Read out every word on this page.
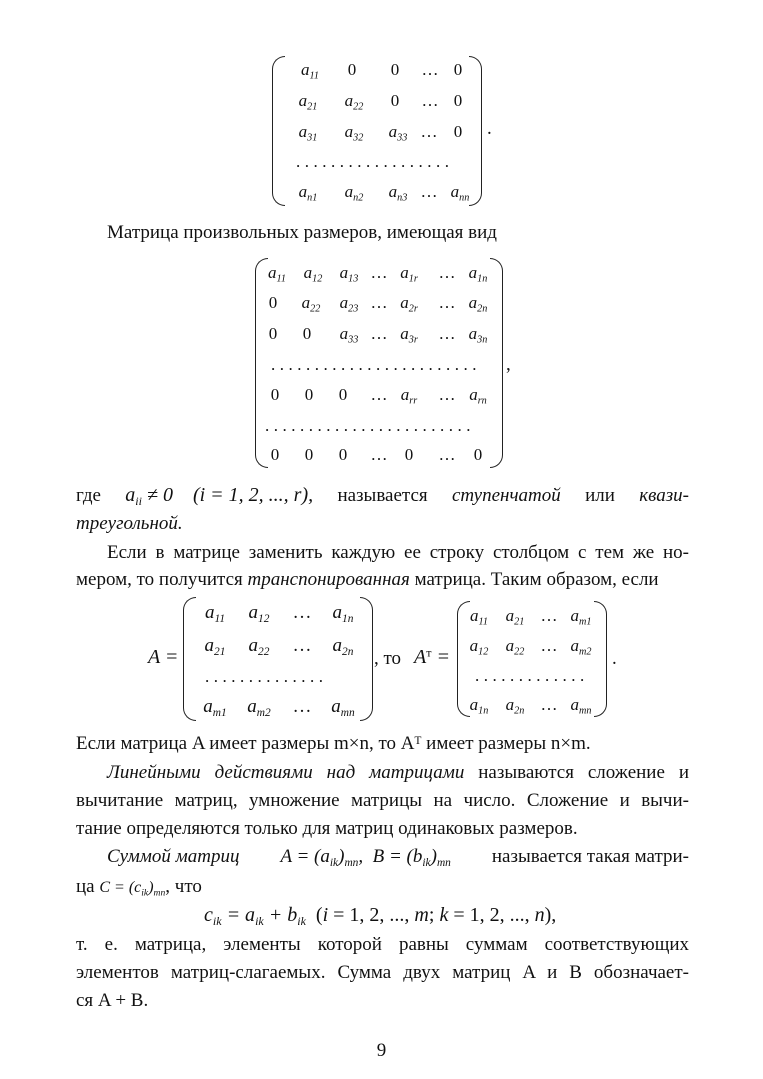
$a_{11}$ 0 0 … 0
$a_{21}$ $a_{22}$ 0 … 0
$a_{31}$ $a_{32}$ $a_{33}$ … 0
..................
$a_{n1}$ $a_{n2}$ $a_{n3}$ … $a_{nn}$
.
Матрица произвольных размеров, имеющая вид
$a_{11}$ $a_{12}$ $a_{13}$ … $a_{1r}$ … $a_{1n}$
0 $a_{22}$ $a_{23}$ … $a_{2r}$ … $a_{2n}$
0 0 $a_{33}$ … $a_{3r}$ … $a_{3n}$
........................
0 0 0 … $a_{rr}$ … $a_{rn}$
........................
0 0 0 … 0 … 0
,
где $a_{ii} \ne 0$    (i = 1, 2, ..., r), называется ступенчатой или квази-
треугольной.
Если в матрице заменить каждую ее строку столбцом с тем же но-
мером, то получится транспонированная матрица. Таким образом, если
A =
$a_{11}$ $a_{12}$ … $a_{1n}$
$a_{21}$ $a_{22}$ … $a_{2n}$
..............
$a_{m1}$ $a_{m2}$ … $a_{mn}$
, то $A^т$ =
$a_{11}$ $a_{21}$ … $a_{m1}$
$a_{12}$ $a_{22}$ … $a_{m2}$
.............
$a_{1n}$ $a_{2n}$ … $a_{mn}$
.
Если матрица A имеет размеры m×n, то Aᵀ имеет размеры n×m.
Линейными действиями над матрицами называются сложение и
вычитание матриц, умножение матрицы на число. Сложение и вычи-
тание определяются только для матриц одинаковых размеров.
Суммой матриц $A = (a_{ik})_{mn}$,  $B = (b_{ik})_{mn}$ называется такая матри-
ца $C = (c_{ik})_{mn}$, что
$c_{ik} = a_{ik} + b_{ik}$  (i = 1, 2, ..., m; k = 1, 2, ..., n),
т. е. матрица, элементы которой равны суммам соответствующих
элементов матриц-слагаемых. Сумма двух матриц A и B обозначает-
ся A + B.
9
